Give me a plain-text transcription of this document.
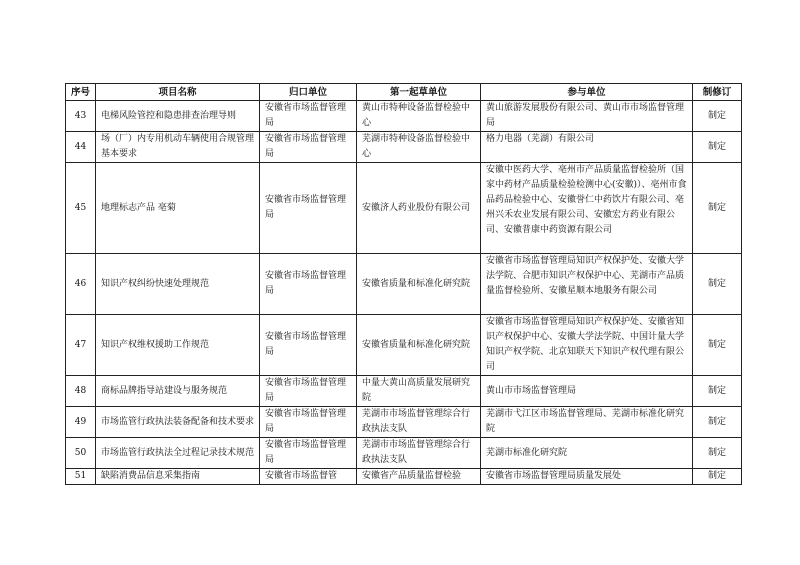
序号	项目名称	归口单位	第一起草单位	参与单位	制修订
43	电梯风险管控和隐患排查治理导则	安徽省市场监督管理局	黄山市特种设备监督检验中心	黄山旅游发展股份有限公司、黄山市市场监督管理局	制定
44	场（厂）内专用机动车辆使用合规管理基本要求	安徽省市场监督管理局	芜湖市特种设备监督检验中心	格力电器（芜湖）有限公司	制定
45	地理标志产品 亳菊	安徽省市场监督管理局	安徽济人药业股份有限公司	安徽中医药大学、亳州市产品质量监督检验所（国家中药材产品质量检验检测中心(安徽)）、亳州市食品药品检验中心、安徽誉仁中药饮片有限公司、亳州兴禾农业发展有限公司、安徽宏方药业有限公司、安徽普康中药资源有限公司	制定
46	知识产权纠纷快速处理规范	安徽省市场监督管理局	安徽省质量和标准化研究院	安徽省市场监督管理局知识产权保护处、安徽大学法学院、合肥市知识产权保护中心、芜湖市产品质量监督检验所、安徽星顺本地服务有限公司	制定
47	知识产权维权援助工作规范	安徽省市场监督管理局	安徽省质量和标准化研究院	安徽省市场监督管理局知识产权保护处、安徽省知识产权保护中心、安徽大学法学院、中国计量大学知识产权学院、北京知联天下知识产权代理有限公司	制定
48	商标品牌指导站建设与服务规范	安徽省市场监督管理局	中量大黄山高质量发展研究院	黄山市市场监督管理局	制定
49	市场监管行政执法装备配备和技术要求	安徽省市场监督管理局	芜湖市市场监督管理综合行政执法支队	芜湖市弋江区市场监督管理局、芜湖市标准化研究院	制定
50	市场监管行政执法全过程记录技术规范	安徽省市场监督管理局	芜湖市市场监督管理综合行政执法支队	芜湖市标准化研究院	制定
51	缺陷消费品信息采集指南	安徽省市场监督管	安徽省产品质量监督检验	安徽省市场监督管理局质量发展处	制定
